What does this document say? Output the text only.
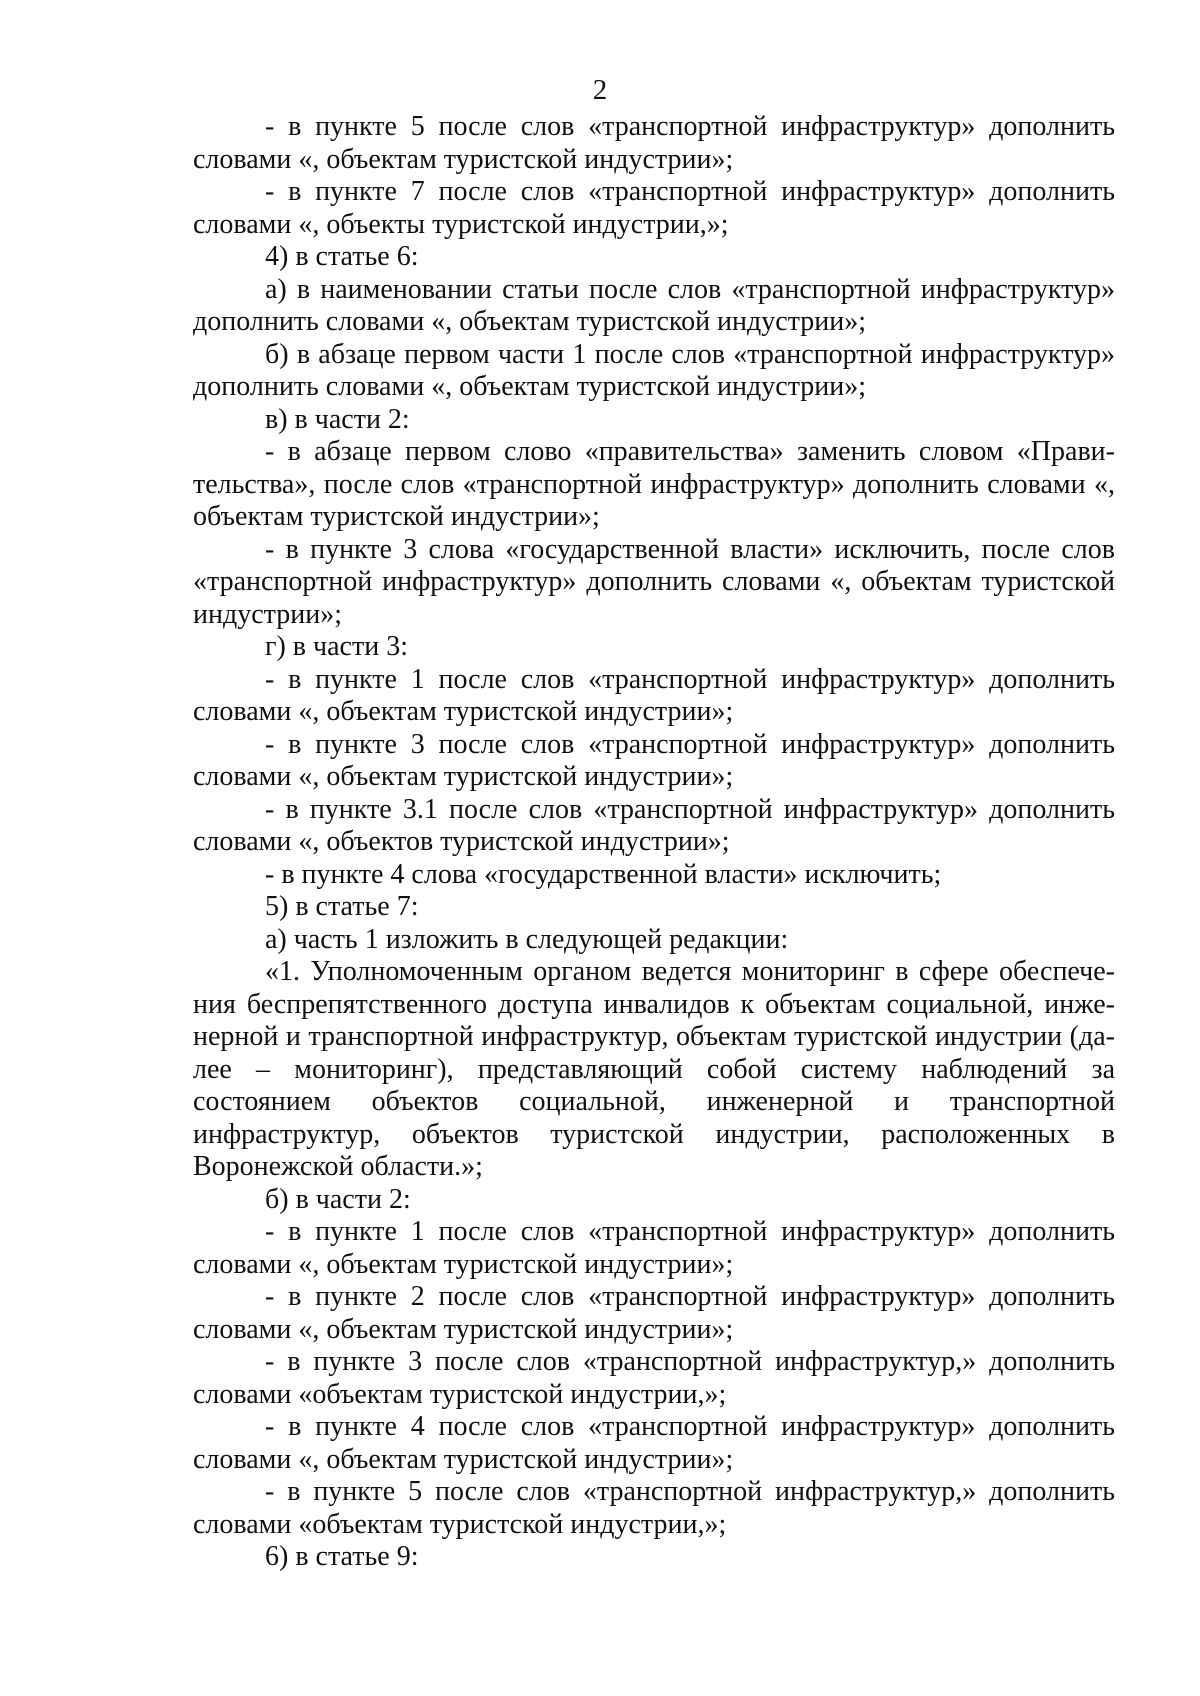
2

- в пункте 5 после слов «транспортной инфраструктур» дополнить словами «, объектам туристской индустрии»;

- в пункте 7 после слов «транспортной инфраструктур» дополнить словами «, объекты туристской индустрии,»;

4) в статье 6:

а) в наименовании статьи после слов «транспортной инфраструктур» дополнить словами «, объектам туристской индустрии»;

б) в абзаце первом части 1 после слов «транспортной инфраструктур» дополнить словами «, объектам туристской индустрии»;

в) в части 2:

- в абзаце первом слово «правительства» заменить словом «Правительства», после слов «транспортной инфраструктур» дополнить словами «, объектам туристской индустрии»;

- в пункте 3 слова «государственной власти» исключить, после слов «транспортной инфраструктур» дополнить словами «, объектам туристской индустрии»;

г) в части 3:

- в пункте 1 после слов «транспортной инфраструктур» дополнить словами «, объектам туристской индустрии»;

- в пункте 3 после слов «транспортной инфраструктур» дополнить словами «, объектам туристской индустрии»;

- в пункте 3.1 после слов «транспортной инфраструктур» дополнить словами «, объектов туристской индустрии»;

- в пункте 4 слова «государственной власти» исключить;

5) в статье 7:

а) часть 1 изложить в следующей редакции:

«1. Уполномоченным органом ведется мониторинг в сфере обеспечения беспрепятственного доступа инвалидов к объектам социальной, инженерной и транспортной инфраструктур, объектам туристской индустрии (далее – мониторинг), представляющий собой систему наблюдений за состоянием объектов социальной, инженерной и транспортной инфраструктур, объектов туристской индустрии, расположенных в Воронежской области.»;

б) в части 2:

- в пункте 1 после слов «транспортной инфраструктур» дополнить словами «, объектам туристской индустрии»;

- в пункте 2 после слов «транспортной инфраструктур» дополнить словами «, объектам туристской индустрии»;

- в пункте 3 после слов «транспортной инфраструктур,» дополнить словами «объектам туристской индустрии,»;

- в пункте 4 после слов «транспортной инфраструктур» дополнить словами «, объектам туристской индустрии»;

- в пункте 5 после слов «транспортной инфраструктур,» дополнить словами «объектам туристской индустрии,»;

6) в статье 9:
